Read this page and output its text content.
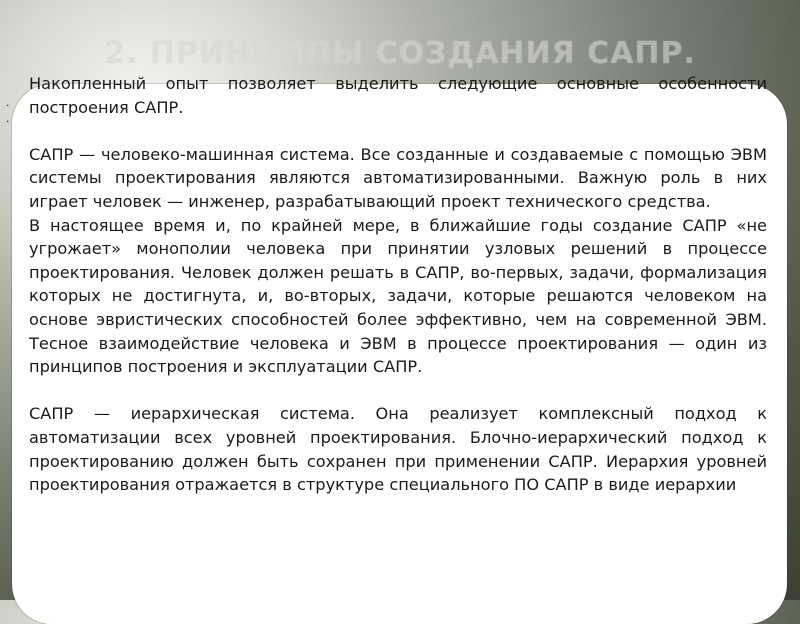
2. ПРИНЦИПЫ СОЗДАНИЯ САПР.
.
.

Накопленный опыт позволяет выделить следующие основные особенности построения САПР.

САПР — человеко-машинная система. Все созданные и создаваемые с помощью ЭВМ системы проектирования являются автоматизированными. Важную роль в них играет человек — инженер, разрабатывающий проект технического средства.

В настоящее время и, по крайней мере, в ближайшие годы создание САПР «не угрожает» монополии человека при принятии узловых решений в процессе проектирования. Человек должен решать в САПР, во-первых, задачи, формализация которых не достигнута, и, во-вторых, задачи, которые решаются человеком на основе эвристических способностей более эффективно, чем на современной ЭВМ. Тесное взаимодействие человека и ЭВМ в процессе проектирования — один из принципов построения и эксплуатации САПР.

САПР — иерархическая система. Она реализует комплексный подход к автоматизации всех уровней проектирования. Блочно-иерархический подход к проектированию должен быть сохранен при применении САПР. Иерархия уровней проектирования отражается в структуре специального ПО САПР в виде иерархии
